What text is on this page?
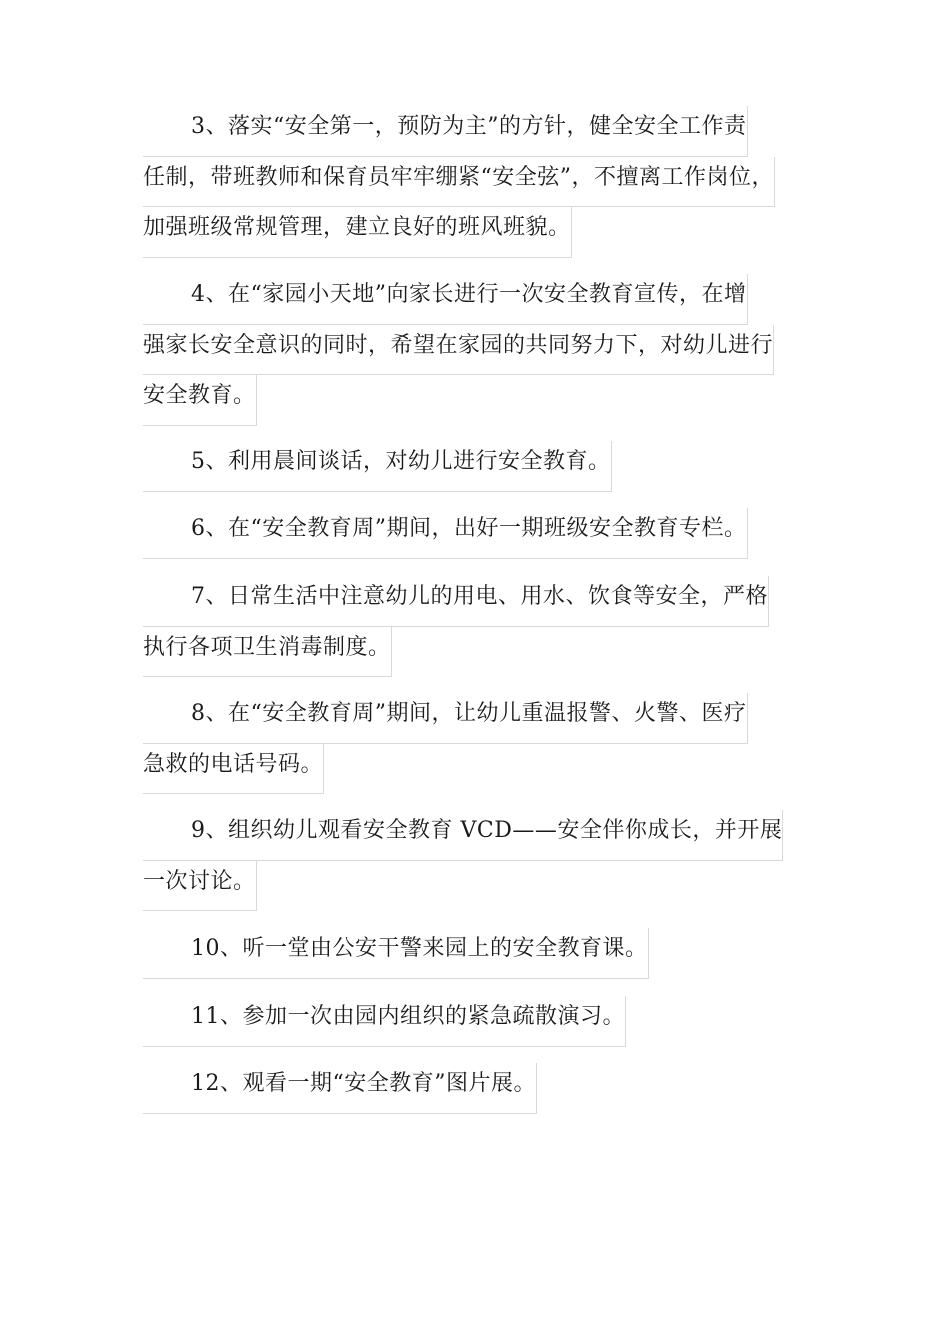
3、落实“安全第一，预防为主”的方针，健全安全工作责
任制，带班教师和保育员牢牢绷紧“安全弦”，不擅离工作岗位，
加强班级常规管理，建立良好的班风班貌。
4、在“家园小天地”向家长进行一次安全教育宣传，在增
强家长安全意识的同时，希望在家园的共同努力下，对幼儿进行
安全教育。
5、利用晨间谈话，对幼儿进行安全教育。
6、在“安全教育周”期间，出好一期班级安全教育专栏。
7、日常生活中注意幼儿的用电、用水、饮食等安全，严格
执行各项卫生消毒制度。
8、在“安全教育周”期间，让幼儿重温报警、火警、医疗
急救的电话号码。
9、组织幼儿观看安全教育 VCD——安全伴你成长，并开展
一次讨论。
10、听一堂由公安干警来园上的安全教育课。
11、参加一次由园内组织的紧急疏散演习。
12、观看一期“安全教育”图片展。
